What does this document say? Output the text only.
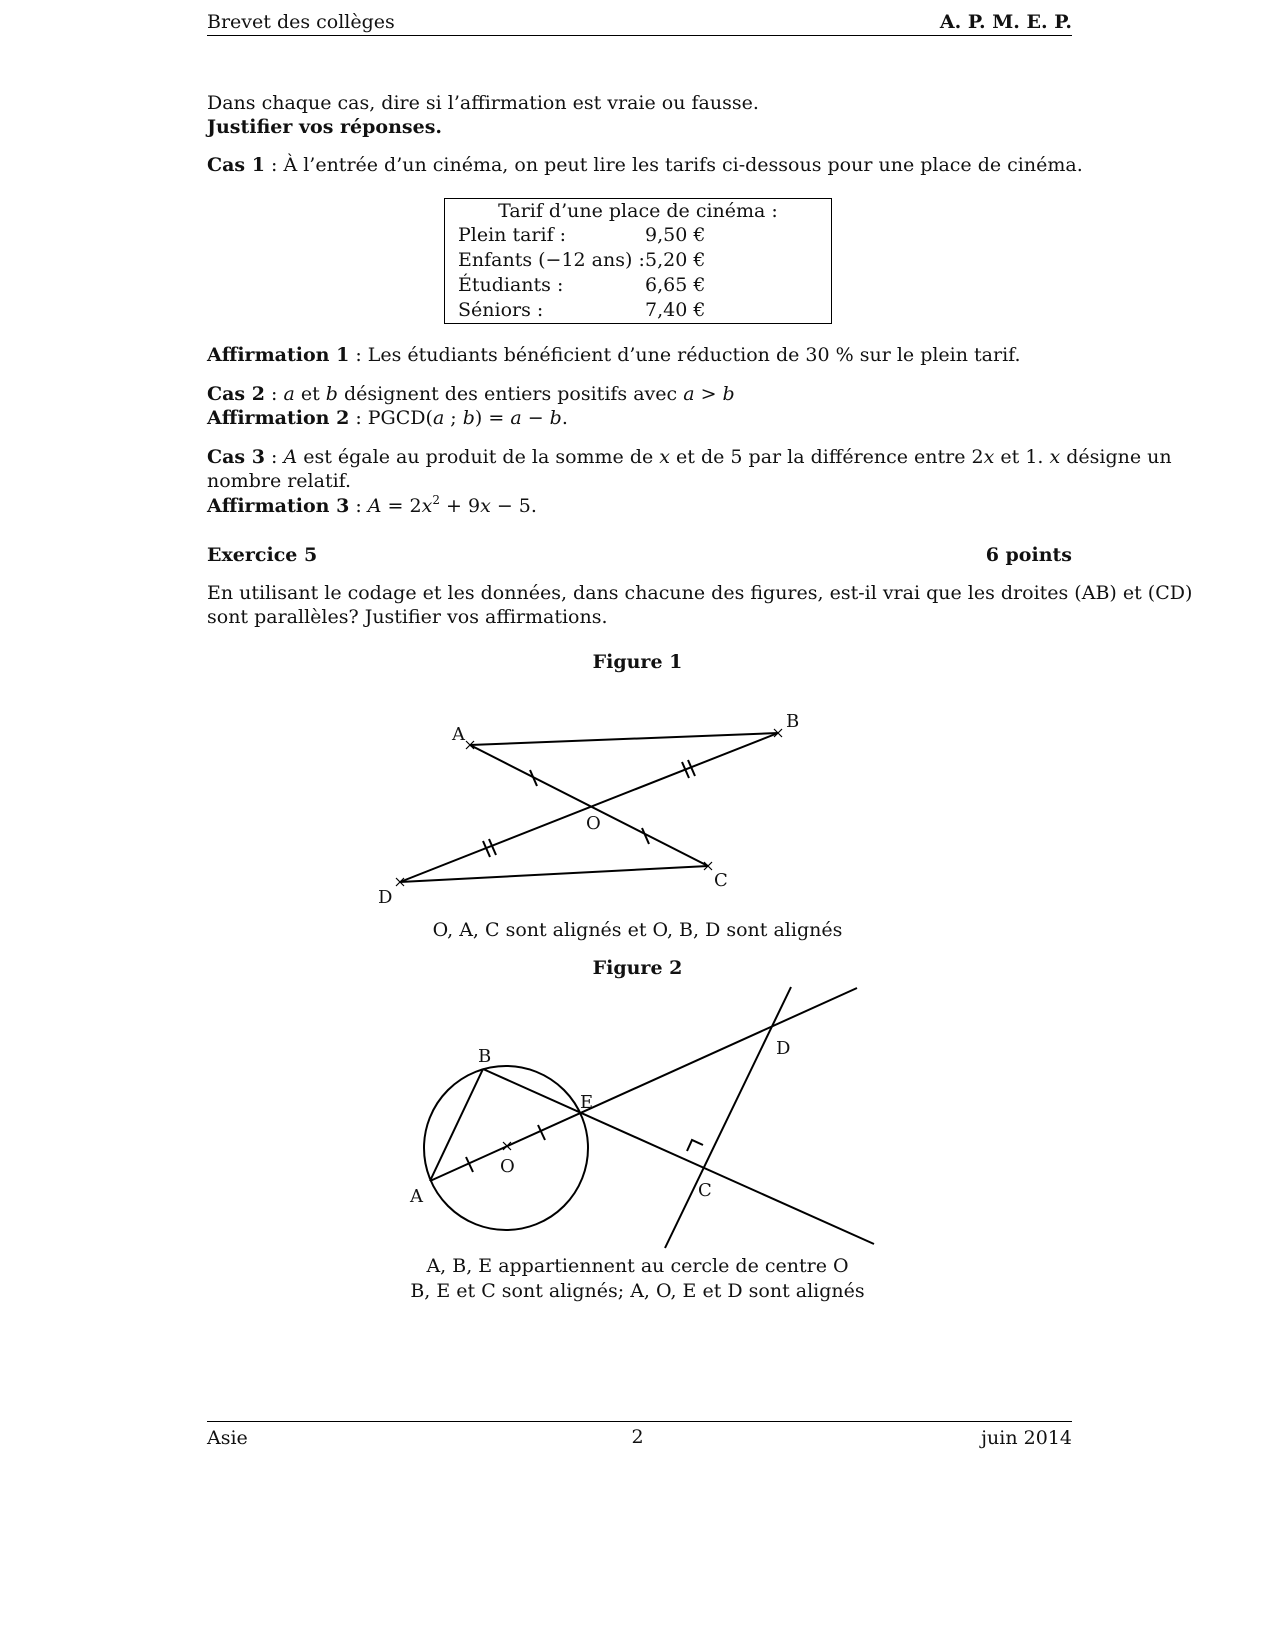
Brevet des collèges	A. P. M. E. P.
Dans chaque cas, dire si l’affirmation est vraie ou fausse.
Justifier vos réponses.
Cas 1 : À l’entrée d’un cinéma, on peut lire les tarifs ci-dessous pour une place de cinéma.
Tarif d’une place de cinéma :
Plein tarif :	9,50 €
Enfants (−12 ans) : 5,20 €
Étudiants :	6,65 €
Séniors :	7,40 €
Affirmation 1 : Les étudiants bénéficient d’une réduction de 30 % sur le plein tarif.
Cas 2 : a et b désignent des entiers positifs avec a > b
Affirmation 2 : PGCD(a ; b) = a − b.
Cas 3 : A est égale au produit de la somme de x et de 5 par la différence entre 2x et 1. x désigne un
nombre relatif.
Affirmation 3 : $A = 2x^2 + 9x - 5$.
Exercice 5	6 points
En utilisant le codage et les données, dans chacune des figures, est-il vrai que les droites (AB) et (CD)
sont parallèles? Justifier vos affirmations.
Figure 1
A
B
C
D
O
B
A
E
O
C
D
O, A, C sont alignés et O, B, D sont alignés
Figure 2
A, B, E appartiennent au cercle de centre O
B, E et C sont alignés; A, O, E et D sont alignés
Asie	2	juin 2014
